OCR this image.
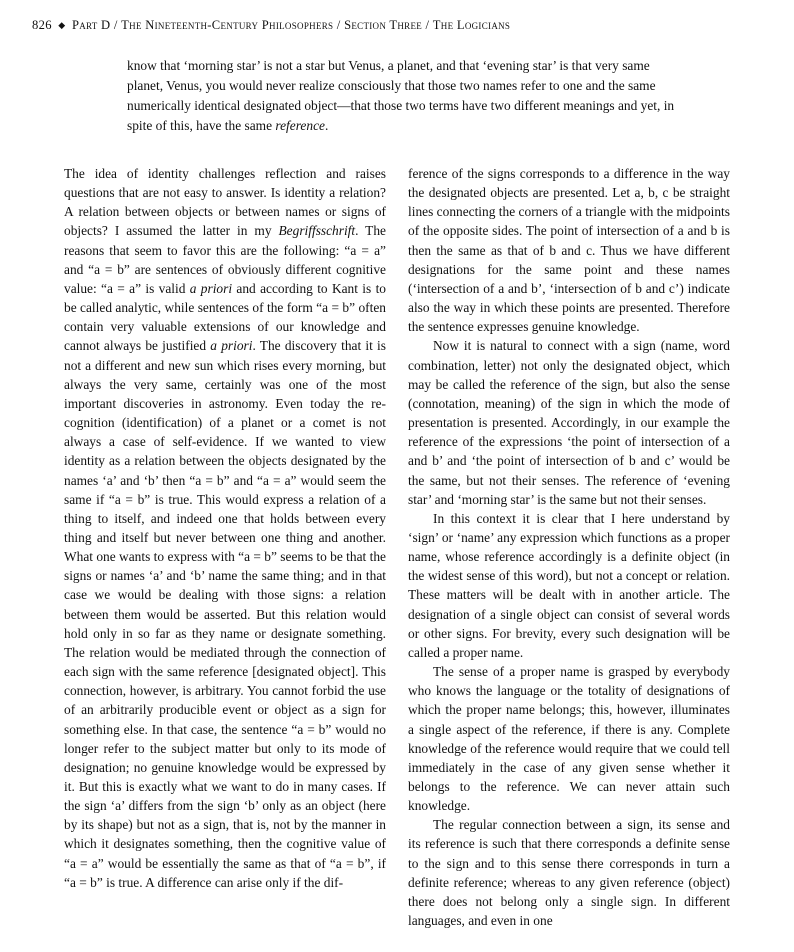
826 ◆ Part D / The Nineteenth-Century Philosophers / Section Three / The Logicians
know that ‘morning star’ is not a star but Venus, a planet, and that ‘evening star’ is that very same planet, Venus, you would never realize consciously that those two names refer to one and the same numerically identical designated object—that those two terms have two different meanings and yet, in spite of this, have the same reference.

The idea of identity challenges reflection and raises questions that are not easy to answer. Is identity a relation? A relation between objects or between names or signs of objects? I assumed the latter in my Begriffsschrift. The reasons that seem to favor this are the following: “a = a” and “a = b” are sentences of obviously different cognitive value: “a = a” is valid a priori and according to Kant is to be called analytic, while sentences of the form “a = b” often contain very valuable extensions of our knowledge and cannot always be justified a priori. The discovery that it is not a different and new sun which rises every morning, but always the very same, certainly was one of the most important discoveries in astronomy. Even today the re-cognition (identification) of a planet or a comet is not always a case of self-evidence. If we wanted to view identity as a relation between the objects designated by the names ‘a’ and ‘b’ then “a = b” and “a = a” would seem the same if “a = b” is true. This would express a relation of a thing to itself, and indeed one that holds between every thing and itself but never between one thing and another. What one wants to express with “a = b” seems to be that the signs or names ‘a’ and ‘b’ name the same thing; and in that case we would be dealing with those signs: a relation between them would be asserted. But this relation would hold only in so far as they name or designate something. The relation would be mediated through the connection of each sign with the same reference [designated object]. This connection, however, is arbitrary. You cannot forbid the use of an arbitrarily producible event or object as a sign for something else. In that case, the sentence “a = b” would no longer refer to the subject matter but only to its mode of designation; no genuine knowledge would be expressed by it. But this is exactly what we want to do in many cases. If the sign ‘a’ differs from the sign ‘b’ only as an object (here by its shape) but not as a sign, that is, not by the manner in which it designates something, then the cognitive value of “a = a” would be essentially the same as that of “a = b”, if “a = b” is true. A difference can arise only if the dif-

ference of the signs corresponds to a difference in the way the designated objects are presented. Let a, b, c be straight lines connecting the corners of a triangle with the midpoints of the opposite sides. The point of intersection of a and b is then the same as that of b and c. Thus we have different designations for the same point and these names (‘intersection of a and b’, ‘intersection of b and c’) indicate also the way in which these points are presented. Therefore the sentence expresses genuine knowledge.

Now it is natural to connect with a sign (name, word combination, letter) not only the designated object, which may be called the reference of the sign, but also the sense (connotation, meaning) of the sign in which the mode of presentation is presented. Accordingly, in our example the reference of the expressions ‘the point of intersection of a and b’ and ‘the point of intersection of b and c’ would be the same, but not their senses. The reference of ‘evening star’ and ‘morning star’ is the same but not their senses.

In this context it is clear that I here understand by ‘sign’ or ‘name’ any expression which functions as a proper name, whose reference accordingly is a definite object (in the widest sense of this word), but not a concept or relation. These matters will be dealt with in another article. The designation of a single object can consist of several words or other signs. For brevity, every such designation will be called a proper name.

The sense of a proper name is grasped by everybody who knows the language or the totality of designations of which the proper name belongs; this, however, illuminates a single aspect of the reference, if there is any. Complete knowledge of the reference would require that we could tell immediately in the case of any given sense whether it belongs to the reference. We can never attain such knowledge.

The regular connection between a sign, its sense and its reference is such that there corresponds a definite sense to the sign and to this sense there corresponds in turn a definite reference; whereas to any given reference (object) there does not belong only a single sign. In different languages, and even in one
